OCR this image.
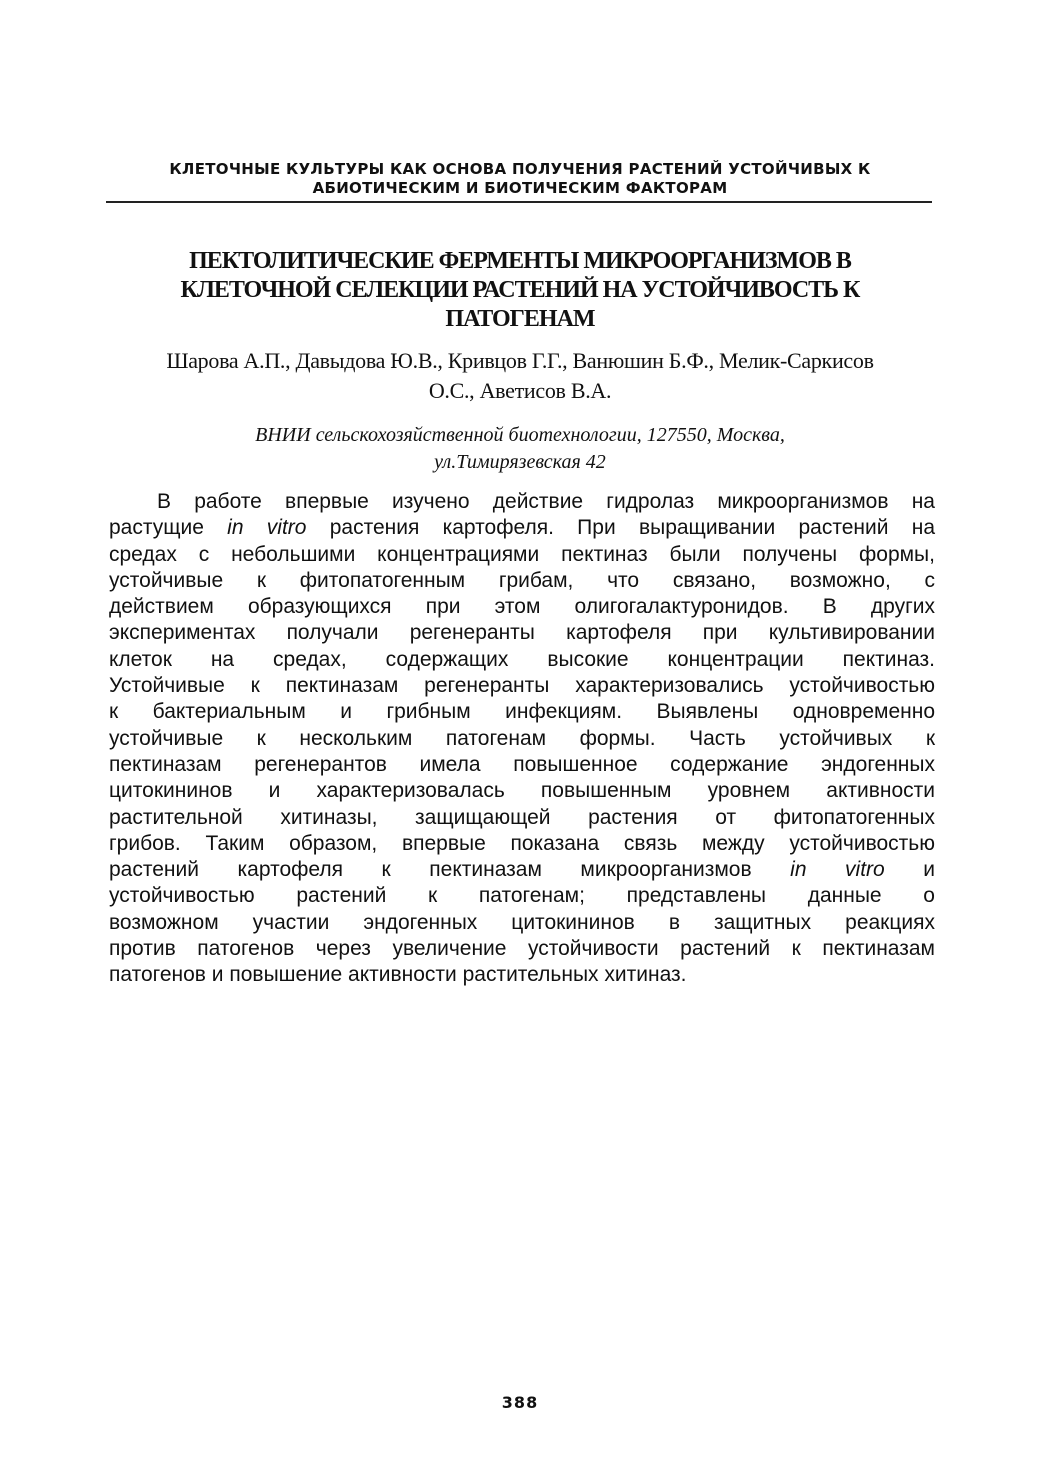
КЛЕТОЧНЫЕ КУЛЬТУРЫ КАК ОСНОВА ПОЛУЧЕНИЯ РАСТЕНИЙ УСТОЙЧИВЫХ К
АБИОТИЧЕСКИМ И БИОТИЧЕСКИМ ФАКТОРАМ
ПЕКТОЛИТИЧЕСКИЕ ФЕРМЕНТЫ МИКРООРГАНИЗМОВ В
КЛЕТОЧНОЙ СЕЛЕКЦИИ РАСТЕНИЙ НА УСТОЙЧИВОСТЬ К
ПАТОГЕНАМ
Шарова А.П., Давыдова Ю.В., Кривцов Г.Г., Ванюшин Б.Ф., Мелик-Саркисов
О.С., Аветисов В.А.
ВНИИ сельскохозяйственной биотехнологии, 127550, Москва,
ул.Тимирязевская 42
В работе впервые изучено действие гидролаз микроорганизмов на
растущие in vitro растения картофеля. При выращивании растений на
средах с небольшими концентрациями пектиназ были получены формы,
устойчивые к фитопатогенным грибам, что связано, возможно, с
действием образующихся при этом олигогалактуронидов. В других
экспериментах получали регенеранты картофеля при культивировании
клеток на средах, содержащих высокие концентрации пектиназ.
Устойчивые к пектиназам регенеранты характеризовались устойчивостью
к бактериальным и грибным инфекциям. Выявлены одновременно
устойчивые к нескольким патогенам формы. Часть устойчивых к
пектиназам регенерантов имела повышенное содержание эндогенных
цитокининов и характеризовалась повышенным уровнем активности
растительной хитиназы, защищающей растения от фитопатогенных
грибов. Таким образом, впервые показана связь между устойчивостью
растений картофеля к пектиназам микроорганизмов in vitro и
устойчивостью растений к патогенам; представлены данные о
возможном участии эндогенных цитокининов в защитных реакциях
против патогенов через увеличение устойчивости растений к пектиназам
патогенов и повышение активности растительных хитиназ.
388
